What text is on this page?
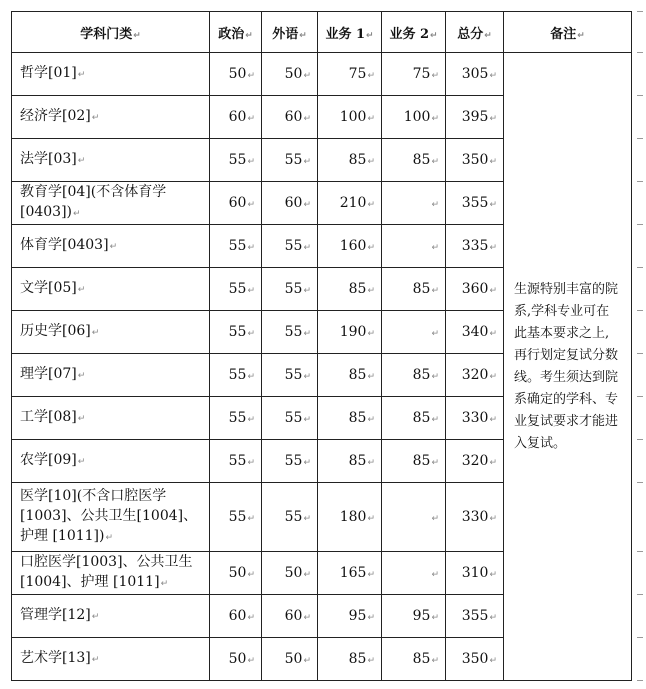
学科门类↵	政治↵	外语↵	业务 1↵	业务 2↵	总分↵	备注↵
哲学[01]↵	50↵	50↵	75↵	75↵	305↵	生源特别丰富的院系,学科专业可在此基本要求之上,再行划定复试分数线。考生须达到院系确定的学科、专业复试要求才能进入复试。
经济学[02]↵	60↵	60↵	100↵	100↵	395↵	
法学[03]↵	55↵	55↵	85↵	85↵	350↵	
教育学[04](不含体育学[0403])↵	60↵	60↵	210↵	↵	355↵	
体育学[0403]↵	55↵	55↵	160↵	↵	335↵	
文学[05]↵	55↵	55↵	85↵	85↵	360↵	
历史学[06]↵	55↵	55↵	190↵	↵	340↵	
理学[07]↵	55↵	55↵	85↵	85↵	320↵	
工学[08]↵	55↵	55↵	85↵	85↵	330↵	
农学[09]↵	55↵	55↵	85↵	85↵	320↵	
医学[10](不含口腔医学[1003]、公共卫生[1004]、护理 [1011])↵	55↵	55↵	180↵	↵	330↵	
口腔医学[1003]、公共卫生 [1004]、护理 [1011]↵	50↵	50↵	165↵	↵	310↵	
管理学[12]↵	60↵	60↵	95↵	95↵	355↵	
艺术学[13]↵	50↵	50↵	85↵	85↵	350↵	
